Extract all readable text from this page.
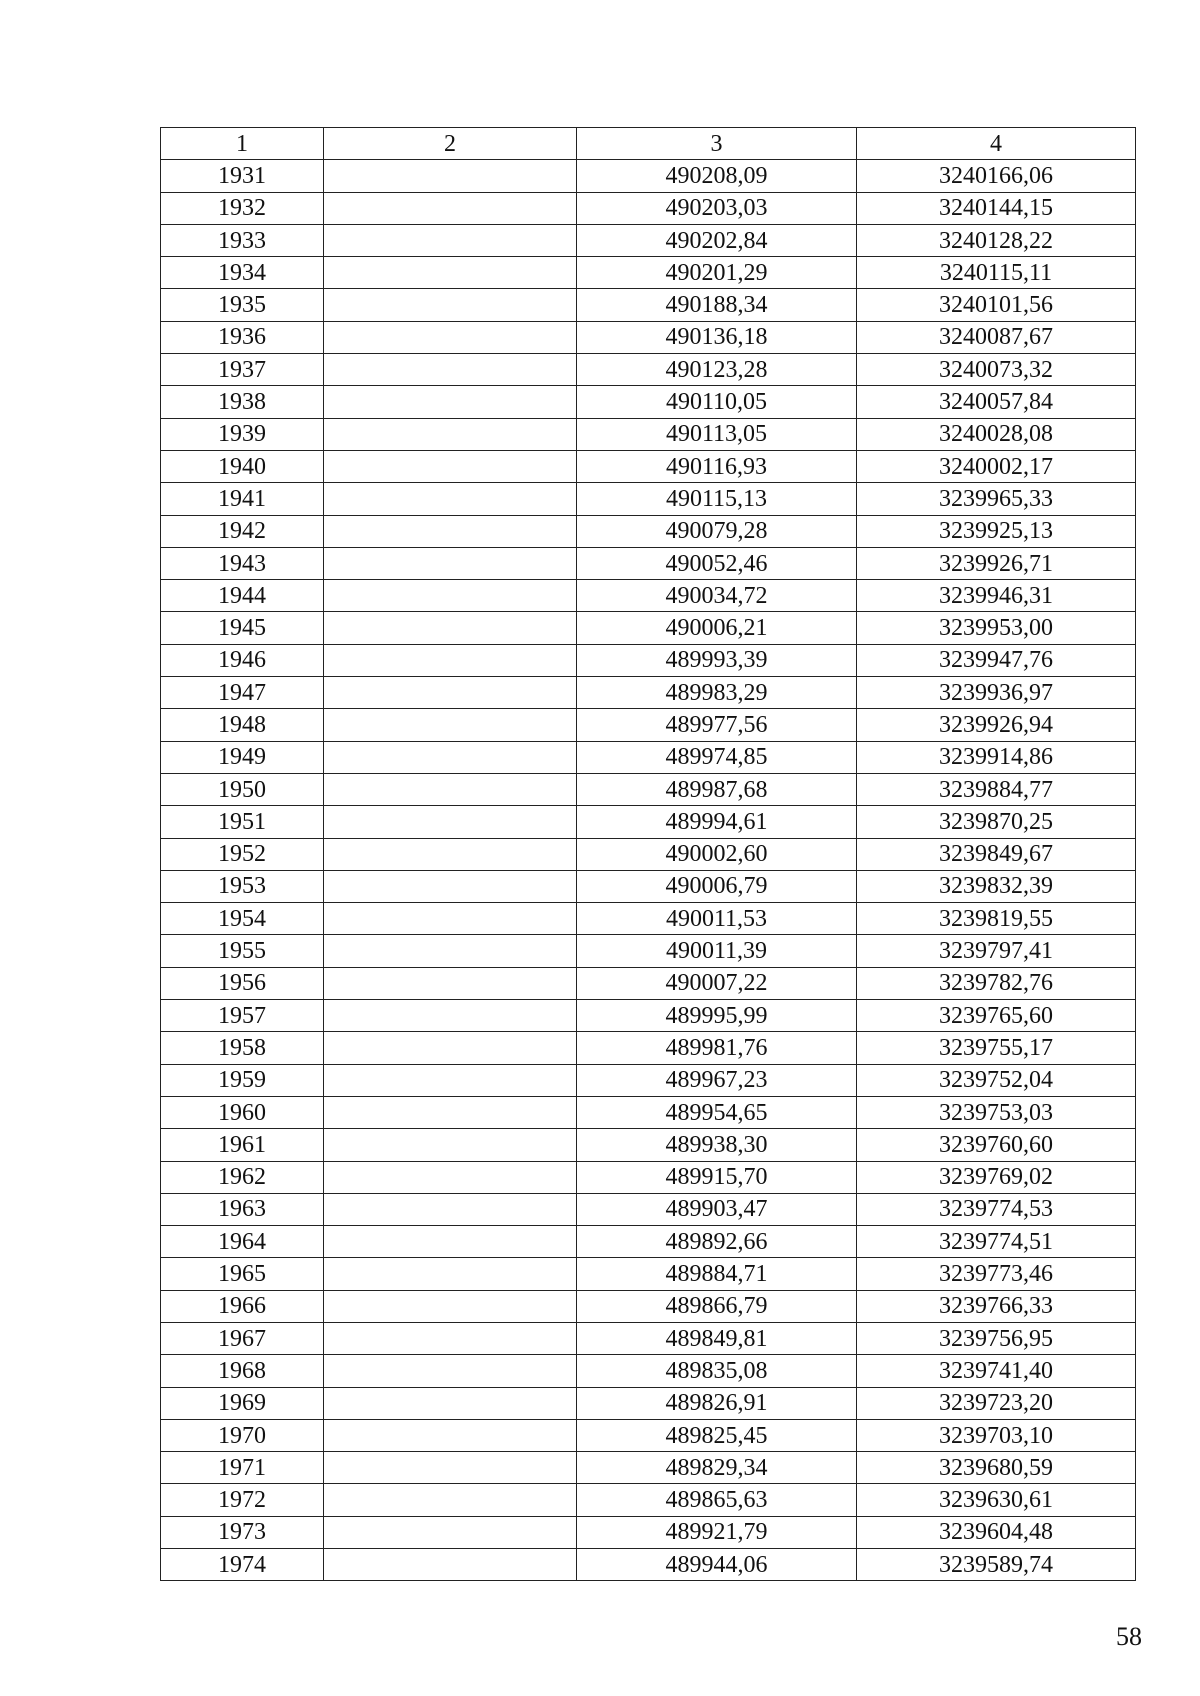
1	2	3	4
1931		490208,09	3240166,06
1932		490203,03	3240144,15
1933		490202,84	3240128,22
1934		490201,29	3240115,11
1935		490188,34	3240101,56
1936		490136,18	3240087,67
1937		490123,28	3240073,32
1938		490110,05	3240057,84
1939		490113,05	3240028,08
1940		490116,93	3240002,17
1941		490115,13	3239965,33
1942		490079,28	3239925,13
1943		490052,46	3239926,71
1944		490034,72	3239946,31
1945		490006,21	3239953,00
1946		489993,39	3239947,76
1947		489983,29	3239936,97
1948		489977,56	3239926,94
1949		489974,85	3239914,86
1950		489987,68	3239884,77
1951		489994,61	3239870,25
1952		490002,60	3239849,67
1953		490006,79	3239832,39
1954		490011,53	3239819,55
1955		490011,39	3239797,41
1956		490007,22	3239782,76
1957		489995,99	3239765,60
1958		489981,76	3239755,17
1959		489967,23	3239752,04
1960		489954,65	3239753,03
1961		489938,30	3239760,60
1962		489915,70	3239769,02
1963		489903,47	3239774,53
1964		489892,66	3239774,51
1965		489884,71	3239773,46
1966		489866,79	3239766,33
1967		489849,81	3239756,95
1968		489835,08	3239741,40
1969		489826,91	3239723,20
1970		489825,45	3239703,10
1971		489829,34	3239680,59
1972		489865,63	3239630,61
1973		489921,79	3239604,48
1974		489944,06	3239589,74
58
